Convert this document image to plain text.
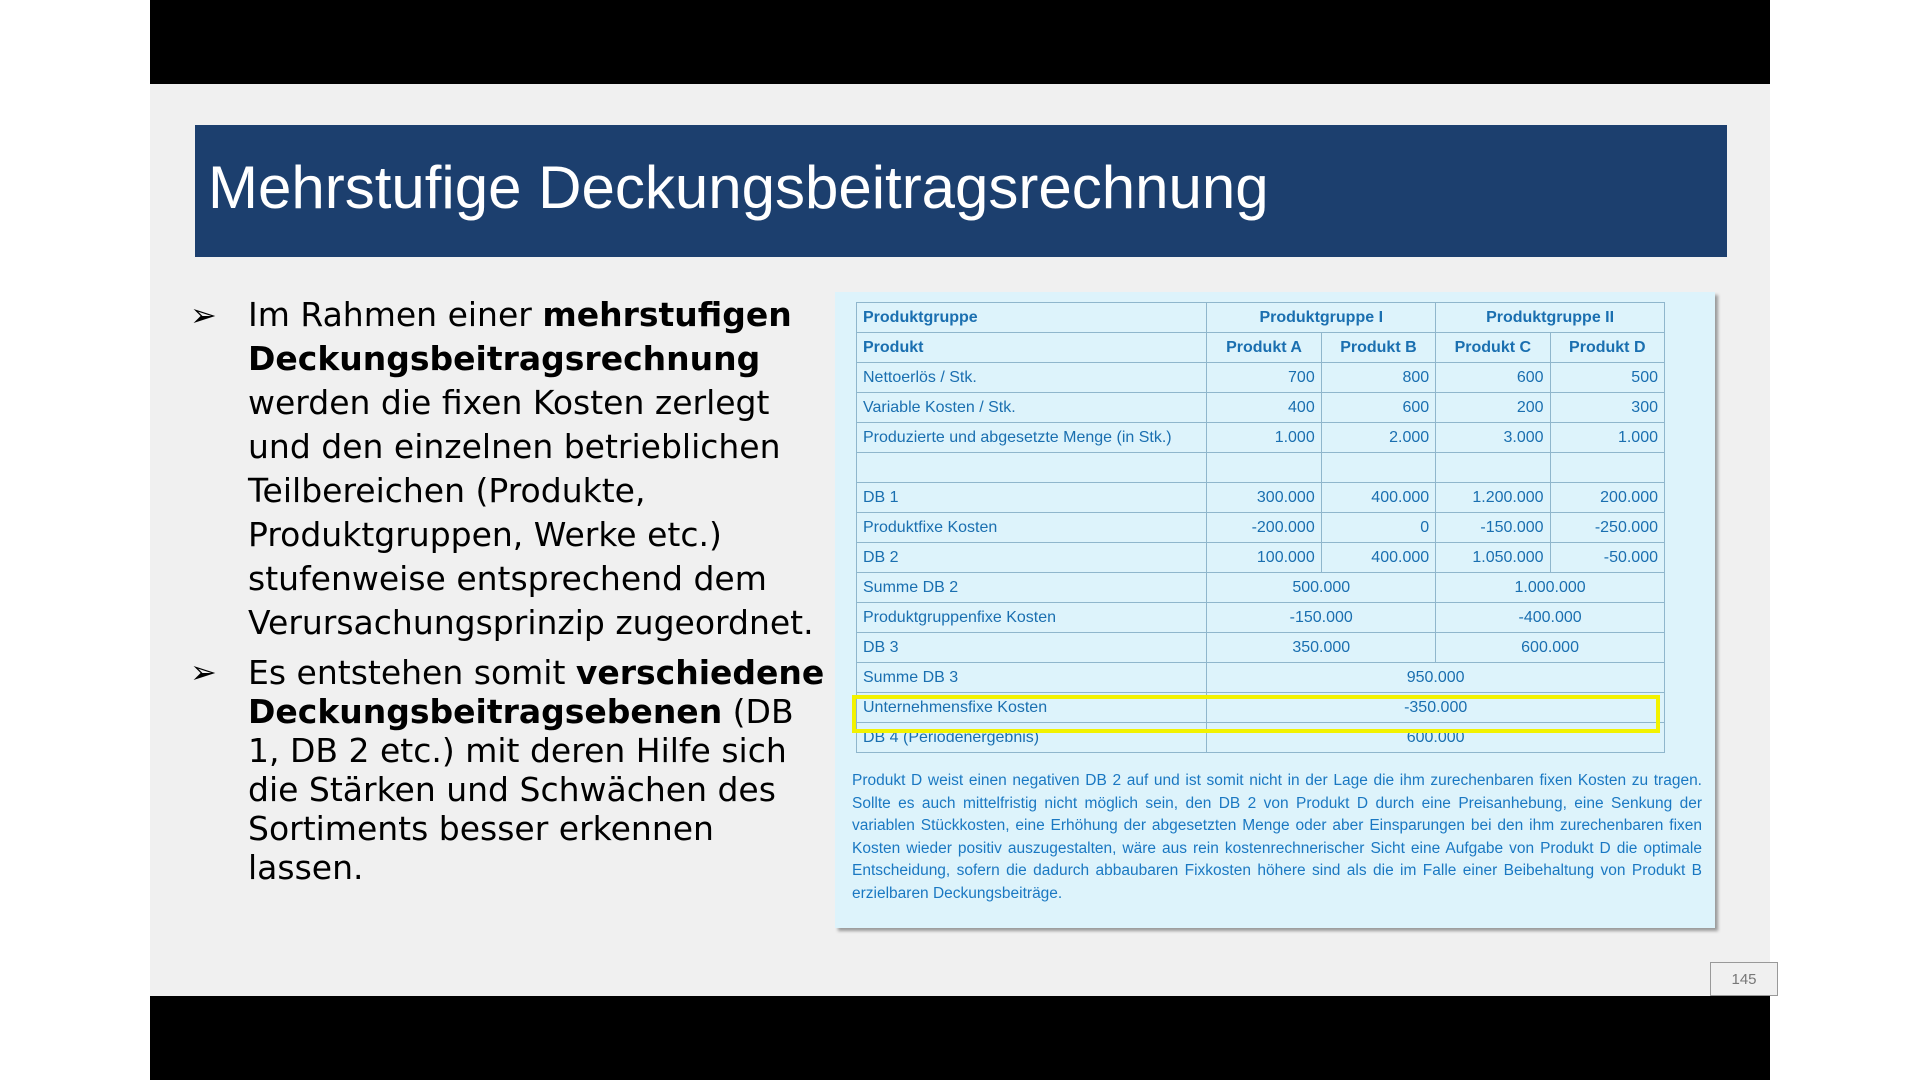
Mehrstufige Deckungsbeitragsrechnung
➢ Im Rahmen einer mehrstufigen Deckungsbeitragsrechnung werden die fixen Kosten zerlegt und den einzelnen betrieblichen Teilbereichen (Produkte, Produktgruppen, Werke etc.) stufenweise entsprechend dem Verursachungsprinzip zugeordnet.
➢ Es entstehen somit verschiedene Deckungsbeitragsebenen (DB 1, DB 2 etc.) mit deren Hilfe sich die Stärken und Schwächen des Sortiments besser erkennen lassen.
Produktgruppe	Produktgruppe I		Produktgruppe II	
Produkt	Produkt A	Produkt B	Produkt C	Produkt D
Nettoerlös / Stk.	700	800	600	500
Variable Kosten / Stk.	400	600	200	300
Produzierte und abgesetzte Menge (in Stk.)	1.000	2.000	3.000	1.000

DB 1	300.000	400.000	1.200.000	200.000
Produktfixe Kosten	-200.000	0	-150.000	-250.000
DB 2	100.000	400.000	1.050.000	-50.000
Summe DB 2	500.000		1.000.000	
Produktgruppenfixe Kosten	-150.000		-400.000	
DB 3	350.000		600.000	
Summe DB 3	950.000			
Unternehmensfixe Kosten	-350.000			
DB 4 (Periodenergebnis)	600.000			
Produkt D weist einen negativen DB 2 auf und ist somit nicht in der Lage die ihm zurechenbaren fixen Kosten zu tragen. Sollte es auch mittelfristig nicht möglich sein, den DB 2 von Produkt D durch eine Preisanhebung, eine Senkung der variablen Stückkosten, eine Erhöhung der abgesetzten Menge oder aber Einsparungen bei den ihm zurechenbaren fixen Kosten wieder positiv auszugestalten, wäre aus rein kostenrechnerischer Sicht eine Aufgabe von Produkt D die optimale Entscheidung, sofern die dadurch abbaubaren Fixkosten höhere sind als die im Falle einer Beibehaltung von Produkt B erzielbaren Deckungsbeiträge.
145
